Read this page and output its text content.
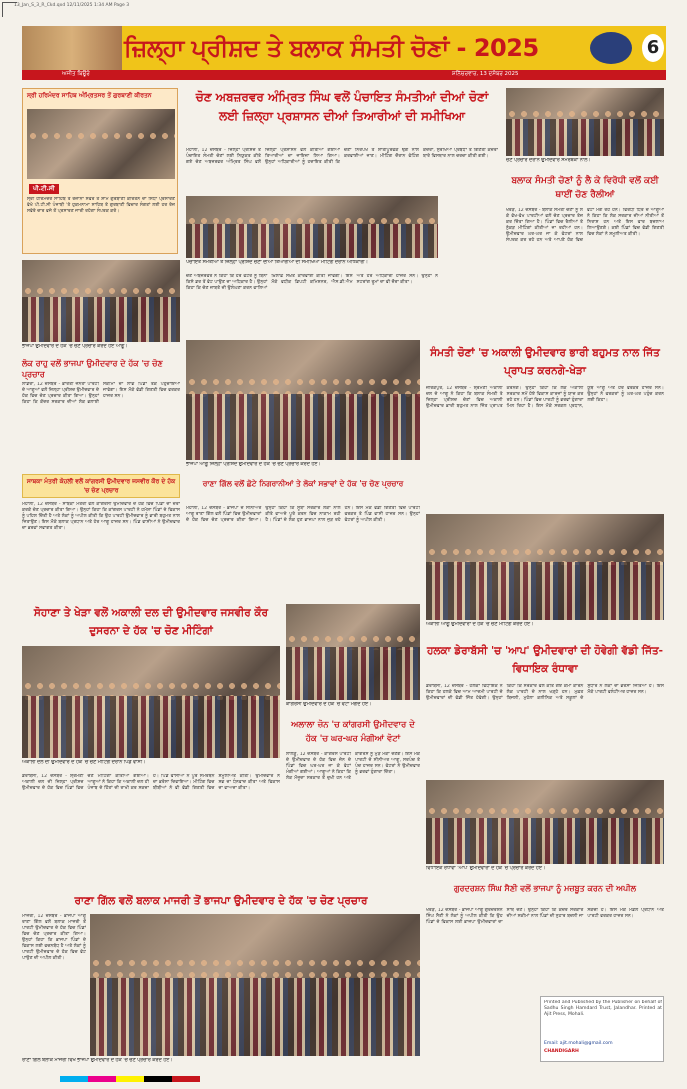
13_Jan_S_3_R_Ckd.qxd 12/11/2025 1:34 AM Page 3
ਜ਼ਿਲ੍ਹਾ ਪ੍ਰੀਸ਼ਦ ਤੇ ਬਲਾਕ ਸੰਮਤੀ ਚੋਣਾਂ - 2025	6
ਅਜੀਤ ਬਿਊਰੋ	ਸ਼ਨਿੱਚਰਵਾਰ, 13 ਦਸੰਬਰ 2025
ਸ੍ਰੀ ਹਰਿਮੰਦਰ ਸਾਹਿਬ ਅੰਮ੍ਰਿਤਸਰ ਤੋਂ ਗੁਰਬਾਣੀ ਕੀਰਤਨ
ਪੀ.ਟੀ.ਸੀ
ਸ੍ਰੀ ਹਰਿਮੰਦਰ ਸਾਹਿਬ ਤੋਂ ਰੋਜ਼ਾਨਾ ਸਵੇਰੇ ਤੇ ਸ਼ਾਮ ਗੁਰਬਾਣੀ ਕੀਰਤਨ ਦਾ ਸਿੱਧਾ ਪ੍ਰਸਾਰਣ ਵੇਖੋ ਪੀ.ਟੀ.ਸੀ ਪੰਜਾਬੀ 'ਤੇ ਹੁਕਮਨਾਮਾ ਸਾਹਿਬ ਤੇ ਗੁਰਬਾਣੀ ਵਿਚਾਰ ਸੰਗਤਾਂ ਲਈ ਹਰ ਰੋਜ਼ ਸਵੇਰੇ ਚਾਰ ਵਜੇ ਤੋਂ ਪ੍ਰਸਾਰਣ ਜਾਰੀ ਰਹੇਗਾ ਸੰਪਰਕ ਕਰੋ।
ਚੋਣ ਅਬਜ਼ਰਵਰ ਅੰਮ੍ਰਿਤ ਸਿੰਘ ਵਲੋਂ ਪੰਚਾਇਤ ਸੰਮਤੀਆਂ ਦੀਆਂ ਚੋਣਾਂ ਲਈ ਜ਼ਿਲ੍ਹਾ ਪ੍ਰਸ਼ਾਸਨ ਦੀਆਂ ਤਿਆਰੀਆਂ ਦੀ ਸਮੀਖਿਆ
ਮੋਹਾਲੀ, 12 ਦਸੰਬਰ - ਜ਼ਿਲ੍ਹਾ ਪ੍ਰੀਸ਼ਦ ਤੇ ਪੰਚਾਇਤ ਸੰਮਤੀ ਚੋਣਾਂ ਲਈ ਨਿਯੁਕਤ ਕੀਤੇ ਗਏ ਚੋਣ ਅਬਜ਼ਰਵਰ ਅੰਮ੍ਰਿਤ ਸਿੰਘ ਵਲੋਂ ਜ਼ਿਲ੍ਹਾ ਪ੍ਰਸ਼ਾਸਨ ਵਲੋਂ ਕੀਤੀਆਂ ਗਈਆਂ ਤਿਆਰੀਆਂ ਦਾ ਜਾਇਜ਼ਾ ਲਿਆ ਗਿਆ। ਉਨ੍ਹਾਂ ਅਧਿਕਾਰੀਆਂ ਨੂੰ ਹਦਾਇਤ ਕੀਤੀ ਕਿ ਚੋਣਾਂ ਨਿਰਪੱਖ ਤੇ ਸ਼ਾਂਤੀਪੂਰਵਕ ਢੰਗ ਨਾਲ ਕਰਵਾਈਆਂ ਜਾਣ। ਮੀਟਿੰਗ ਦੌਰਾਨ ਵੋਟਿੰਗ ਕੇਂਦਰਾਂ, ਸੁਰੱਖਿਆ ਪ੍ਰਬੰਧਾਂ ਤੇ ਗਿਣਤੀ ਕੇਂਦਰਾਂ ਬਾਰੇ ਵਿਸਥਾਰ ਨਾਲ ਚਰਚਾ ਕੀਤੀ ਗਈ।
ਪੰਚਾਇਤ ਸੰਮਤੀਆਂ ਤੇ ਜ਼ਿਲ੍ਹਾ ਪ੍ਰੀਸ਼ਦ ਚੋਣਾਂ ਦੀਆਂ ਤਿਆਰੀਆਂ ਦੀ ਸਮੀਖਿਆ ਮੀਟਿੰਗ ਦੌਰਾਨ ਅਧਿਕਾਰੀ।
ਚੋਣ ਅਬਜ਼ਰਵਰ ਨੇ ਕਿਹਾ ਕਿ ਹਰ ਵੋਟਰ ਨੂੰ ਬਿਨਾਂ ਕਿਸੇ ਡਰ ਤੋਂ ਵੋਟ ਪਾਉਣ ਦਾ ਅਧਿਕਾਰ ਹੈ। ਉਨ੍ਹਾਂ ਕਿਹਾ ਕਿ ਚੋਣ ਜ਼ਾਬਤੇ ਦੀ ਉਲੰਘਣਾ ਕਰਨ ਵਾਲਿਆਂ ਖ਼ਿਲਾਫ਼ ਸਖ਼ਤ ਕਾਰਵਾਈ ਕੀਤੀ ਜਾਵੇਗੀ। ਇਸ ਮੌਕੇ ਵਧੀਕ ਡਿਪਟੀ ਕਮਿਸ਼ਨਰ, ਐਸ.ਡੀ.ਐਮ ਅਤੇ ਹੋਰ ਅਧਿਕਾਰੀ ਹਾਜ਼ਰ ਸਨ। ਉਨ੍ਹਾਂ ਨੇ ਸਟਰਾਂਗ ਰੂਮਾਂ ਦਾ ਵੀ ਦੌਰਾ ਕੀਤਾ।
ਚੋਣ ਪ੍ਰਚਾਰ ਦੌਰਾਨ ਉਮੀਦਵਾਰ ਸਮਰਥਕਾਂ ਨਾਲ।
ਬਲਾਕ ਸੰਮਤੀ ਚੋਣਾਂ ਨੂੰ ਲੈ ਕੇ ਵਿਰੋਧੀ ਵਲੋਂ ਕਈ ਥਾਈਂ ਚੋਣ ਰੈਲੀਆਂ
ਖਰੜ, 12 ਦਸੰਬਰ - ਬਲਾਕ ਸੰਮਤੀ ਚੋਣਾਂ ਨੂੰ ਲੈ ਕੇ ਵੱਖ-ਵੱਖ ਪਾਰਟੀਆਂ ਵਲੋਂ ਚੋਣ ਪ੍ਰਚਾਰ ਤੇਜ਼ ਕਰ ਦਿੱਤਾ ਗਿਆ ਹੈ। ਪਿੰਡਾਂ ਵਿਚ ਰੈਲੀਆਂ ਤੇ ਨੁੱਕੜ ਮੀਟਿੰਗਾਂ ਕੀਤੀਆਂ ਜਾ ਰਹੀਆਂ ਹਨ। ਉਮੀਦਵਾਰ ਘਰ-ਘਰ ਜਾ ਕੇ ਵੋਟਰਾਂ ਨਾਲ ਸੰਪਰਕ ਕਰ ਰਹੇ ਹਨ ਅਤੇ ਆਪਣੇ ਹੱਕ ਵਿਚ ਵੋਟਾਂ ਮੰਗ ਰਹੇ ਹਨ। ਵਿਰੋਧੀ ਧਿਰ ਦੇ ਆਗੂਆਂ ਨੇ ਕਿਹਾ ਕਿ ਲੋਕ ਸਰਕਾਰ ਦੀਆਂ ਨੀਤੀਆਂ ਤੋਂ ਨਿਰਾਸ਼ ਹਨ ਅਤੇ ਇਸ ਵਾਰ ਬਦਲਾਅ ਲਿਆਉਣਗੇ। ਕਈ ਪਿੰਡਾਂ ਵਿਚ ਵੱਡੀ ਗਿਣਤੀ ਵਿਚ ਲੋਕਾਂ ਨੇ ਸ਼ਮੂਲੀਅਤ ਕੀਤੀ।
ਭਾਜਪਾ ਉਮੀਦਵਾਰ ਦੇ ਹੱਕ 'ਚ ਚੋਣ ਪ੍ਰਚਾਰ ਕਰਦੇ ਹੋਏ ਆਗੂ।
ਲੋਕ ਰਾਹੁ ਵਲੋਂ ਭਾਜਪਾ ਉਮੀਦਵਾਰ ਦੇ ਹੱਕ 'ਚ ਚੋਣ ਪ੍ਰਚਾਰ
ਲਾਂਡਰਾਂ, 12 ਦਸੰਬਰ - ਭਾਰਤੀ ਜਨਤਾ ਪਾਰਟੀ ਦੇ ਆਗੂਆਂ ਵਲੋਂ ਜ਼ਿਲ੍ਹਾ ਪ੍ਰੀਸ਼ਦ ਉਮੀਦਵਾਰ ਦੇ ਹੱਕ ਵਿਚ ਚੋਣ ਪ੍ਰਚਾਰ ਕੀਤਾ ਗਿਆ। ਉਨ੍ਹਾਂ ਕਿਹਾ ਕਿ ਕੇਂਦਰ ਸਰਕਾਰ ਦੀਆਂ ਲੋਕ ਭਲਾਈ ਸਕੀਮਾਂ ਦਾ ਲਾਭ ਪਿੰਡਾਂ ਤੱਕ ਪਹੁੰਚਾਇਆ ਜਾਵੇਗਾ। ਇਸ ਮੌਕੇ ਵੱਡੀ ਗਿਣਤੀ ਵਿਚ ਵਰਕਰ ਹਾਜ਼ਰ ਸਨ।
ਸਾਬਕਾ ਮੰਤਰੀ ਕੋਹਲੀ ਵਲੋਂ ਕਾਂਗਰਸੀ ਉਮੀਦਵਾਰ ਜਸਵੀਰ ਕੌਰ ਦੇ ਹੱਕ 'ਚ ਚੋਣ ਪ੍ਰਚਾਰ
ਮੋਹਾਲੀ, 12 ਦਸੰਬਰ - ਸਾਬਕਾ ਮੰਤਰੀ ਵਲੋਂ ਕਾਂਗਰਸੀ ਉਮੀਦਵਾਰ ਦੇ ਹੱਕ ਵਿਚ ਪਿੰਡਾਂ ਦਾ ਦੌਰਾ ਕਰਕੇ ਚੋਣ ਪ੍ਰਚਾਰ ਕੀਤਾ ਗਿਆ। ਉਨ੍ਹਾਂ ਕਿਹਾ ਕਿ ਕਾਂਗਰਸ ਪਾਰਟੀ ਨੇ ਹਮੇਸ਼ਾ ਪਿੰਡਾਂ ਦੇ ਵਿਕਾਸ ਨੂੰ ਪਹਿਲ ਦਿੱਤੀ ਹੈ ਅਤੇ ਲੋਕਾਂ ਨੂੰ ਅਪੀਲ ਕੀਤੀ ਕਿ ਉਹ ਪਾਰਟੀ ਉਮੀਦਵਾਰ ਨੂੰ ਭਾਰੀ ਬਹੁਮਤ ਨਾਲ ਜਿਤਾਉਣ। ਇਸ ਮੌਕੇ ਬਲਾਕ ਪ੍ਰਧਾਨ ਅਤੇ ਹੋਰ ਆਗੂ ਹਾਜ਼ਰ ਸਨ। ਪਿੰਡ ਵਾਸੀਆਂ ਨੇ ਉਮੀਦਵਾਰ ਦਾ ਭਰਵਾਂ ਸਵਾਗਤ ਕੀਤਾ।
ਭਾਜਪਾ ਆਗੂ ਜ਼ਿਲ੍ਹਾ ਪ੍ਰੀਸ਼ਦ ਉਮੀਦਵਾਰ ਦੇ ਹੱਕ 'ਚ ਚੋਣ ਪ੍ਰਚਾਰ ਕਰਦੇ ਹੋਏ।
ਰਾਣਾ ਗਿੱਲ ਵਲੋਂ ਛੋਟੇ ਨਿਗਰਾਨੀਆਂ ਤੇ ਲੋਕਾਂ ਸਭਾਵਾਂ ਦੇ ਹੱਕ 'ਚ ਚੋਣ ਪ੍ਰਚਾਰ
ਮੋਹਾਲੀ, 12 ਦਸੰਬਰ - ਭਾਜਪਾ ਦੇ ਸੀਨੀਅਰ ਆਗੂ ਰਾਣਾ ਗਿੱਲ ਵਲੋਂ ਪਿੰਡਾਂ ਵਿਚ ਉਮੀਦਵਾਰਾਂ ਦੇ ਹੱਕ ਵਿਚ ਚੋਣ ਪ੍ਰਚਾਰ ਕੀਤਾ ਗਿਆ। ਉਨ੍ਹਾਂ ਕਿਹਾ ਕਿ ਸੂਬਾ ਸਰਕਾਰ ਲੋਕਾਂ ਨਾਲ ਕੀਤੇ ਵਾਅਦੇ ਪੂਰੇ ਕਰਨ ਵਿਚ ਨਾਕਾਮ ਰਹੀ ਹੈ। ਪਿੰਡਾਂ ਦੇ ਲੋਕ ਹੁਣ ਭਾਜਪਾ ਨਾਲ ਜੁੜ ਰਹੇ ਹਨ। ਇਸ ਮੌਕੇ ਵੱਡੀ ਗਿਣਤੀ ਵਿਚ ਪਾਰਟੀ ਵਰਕਰ ਤੇ ਪਿੰਡ ਵਾਸੀ ਹਾਜ਼ਰ ਸਨ। ਉਨ੍ਹਾਂ ਵੋਟਰਾਂ ਨੂੰ ਅਪੀਲ ਕੀਤੀ।
ਸੰਮਤੀ ਚੋਣਾਂ 'ਚ ਅਕਾਲੀ ਉਮੀਦਵਾਰ ਭਾਰੀ ਬਹੁਮਤ ਨਾਲ ਜਿੱਤ ਪ੍ਰਾਪਤ ਕਰਨਗੇ-ਖੇੜਾ
ਜ਼ੀਰਕਪੁਰ, 12 ਦਸੰਬਰ - ਸ਼੍ਰੋਮਣੀ ਅਕਾਲੀ ਦਲ ਦੇ ਆਗੂ ਨੇ ਕਿਹਾ ਕਿ ਬਲਾਕ ਸੰਮਤੀ ਤੇ ਜ਼ਿਲ੍ਹਾ ਪ੍ਰੀਸ਼ਦ ਚੋਣਾਂ ਵਿਚ ਅਕਾਲੀ ਉਮੀਦਵਾਰ ਭਾਰੀ ਬਹੁਮਤ ਨਾਲ ਜਿੱਤ ਪ੍ਰਾਪਤ ਕਰਨਗੇ। ਉਨ੍ਹਾਂ ਕਿਹਾ ਕਿ ਲੋਕ ਅਕਾਲੀ ਸਰਕਾਰ ਸਮੇਂ ਹੋਏ ਵਿਕਾਸ ਕਾਰਜਾਂ ਨੂੰ ਯਾਦ ਕਰ ਰਹੇ ਹਨ। ਪਿੰਡਾਂ ਵਿਚ ਪਾਰਟੀ ਨੂੰ ਭਰਵਾਂ ਹੁੰਗਾਰਾ ਮਿਲ ਰਿਹਾ ਹੈ। ਇਸ ਮੌਕੇ ਸਰਕਲ ਪ੍ਰਧਾਨ, ਯੂਥ ਆਗੂ ਅਤੇ ਹੋਰ ਵਰਕਰ ਹਾਜ਼ਰ ਸਨ। ਉਨ੍ਹਾਂ ਨੇ ਵਰਕਰਾਂ ਨੂੰ ਘਰ-ਘਰ ਪਹੁੰਚ ਕਰਨ ਲਈ ਕਿਹਾ।
ਅਕਾਲੀ ਆਗੂ ਉਮੀਦਵਾਰਾਂ ਦੇ ਹੱਕ 'ਚ ਚੋਣ ਮੀਟਿੰਗ ਕਰਦੇ ਹੋਏ।
ਸੋਹਾਣਾ ਤੇ ਖੇੜਾ ਵਲੋਂ ਅਕਾਲੀ ਦਲ ਦੀ ਉਮੀਦਵਾਰ ਜਸਵੀਰ ਕੌਰ ਦੁਸਰਨਾ ਦੇ ਹੱਕ 'ਚ ਚੋਣ ਮੀਟਿੰਗਾਂ
ਅਕਾਲੀ ਦਲ ਦੀ ਉਮੀਦਵਾਰ ਦੇ ਹੱਕ 'ਚ ਚੋਣ ਮੀਟਿੰਗ ਦੌਰਾਨ ਪਿੰਡ ਵਾਸੀ।
ਡੇਰਾਬੱਸੀ, 12 ਦਸੰਬਰ - ਸ਼੍ਰੋਮਣੀ ਅਕਾਲੀ ਦਲ ਦੀ ਜ਼ਿਲ੍ਹਾ ਪ੍ਰੀਸ਼ਦ ਉਮੀਦਵਾਰ ਦੇ ਹੱਕ ਵਿਚ ਪਿੰਡਾਂ ਵਿਚ ਚੋਣ ਮੀਟਿੰਗਾਂ ਕੀਤੀਆਂ ਗਈਆਂ। ਆਗੂਆਂ ਨੇ ਕਿਹਾ ਕਿ ਅਕਾਲੀ ਦਲ ਹੀ ਪੰਜਾਬ ਦੇ ਹਿੱਤਾਂ ਦੀ ਰਾਖੀ ਕਰ ਸਕਦਾ ਹੈ। ਪਿੰਡ ਵਾਸੀਆਂ ਨੇ ਪੂਰੇ ਸਮਰਥਨ ਦਾ ਭਰੋਸਾ ਦਿਵਾਇਆ। ਮੀਟਿੰਗ ਵਿਚ ਬੀਬੀਆਂ ਨੇ ਵੀ ਵੱਡੀ ਗਿਣਤੀ ਵਿਚ ਸ਼ਮੂਲੀਅਤ ਕੀਤੀ। ਉਮੀਦਵਾਰ ਨੇ ਸਭ ਦਾ ਧੰਨਵਾਦ ਕੀਤਾ ਅਤੇ ਵਿਕਾਸ ਦਾ ਵਾਅਦਾ ਕੀਤਾ।
ਕਾਂਗਰਸੀ ਉਮੀਦਵਾਰ ਦੇ ਹੱਕ 'ਚ ਵੋਟਾਂ ਮੰਗਦੇ ਹੋਏ।
ਅਲਾਲਾ ਜ਼ੋਨ 'ਚ ਕਾਂਗਰਸੀ ਉਮੀਦਵਾਰ ਦੇ ਹੱਕ 'ਚ ਘਰ-ਘਰ ਮੰਗੀਆਂ ਵੋਟਾਂ
ਲਾਲੜੂ, 12 ਦਸੰਬਰ - ਕਾਂਗਰਸ ਪਾਰਟੀ ਦੇ ਉਮੀਦਵਾਰ ਦੇ ਹੱਕ ਵਿਚ ਜ਼ੋਨ ਦੇ ਪਿੰਡਾਂ ਵਿਚ ਘਰ-ਘਰ ਜਾ ਕੇ ਵੋਟਾਂ ਮੰਗੀਆਂ ਗਈਆਂ। ਆਗੂਆਂ ਨੇ ਕਿਹਾ ਕਿ ਲੋਕ ਮੌਜੂਦਾ ਸਰਕਾਰ ਤੋਂ ਦੁਖੀ ਹਨ ਅਤੇ ਕਾਂਗਰਸ ਨੂੰ ਮੁੜ ਮੌਕਾ ਦੇਣਗੇ। ਇਸ ਮੌਕੇ ਪਾਰਟੀ ਦੇ ਸੀਨੀਅਰ ਆਗੂ, ਸਰਪੰਚ ਤੇ ਪੰਚ ਹਾਜ਼ਰ ਸਨ। ਵੋਟਰਾਂ ਨੇ ਉਮੀਦਵਾਰ ਨੂੰ ਭਰਵਾਂ ਹੁੰਗਾਰਾ ਦਿੱਤਾ।
ਹਲਕਾ ਡੇਰਾਬੱਸੀ 'ਚ 'ਆਪ' ਉਮੀਦਵਾਰਾਂ ਦੀ ਹੋਵੇਗੀ ਵੱਡੀ ਜਿੱਤ-ਵਿਧਾਇਕ ਰੰਧਾਵਾ
ਡੇਰਾਬੱਸੀ, 12 ਦਸੰਬਰ - ਹਲਕਾ ਵਿਧਾਇਕ ਨੇ ਕਿਹਾ ਕਿ ਹਲਕੇ ਵਿਚ ਆਮ ਆਦਮੀ ਪਾਰਟੀ ਦੇ ਉਮੀਦਵਾਰਾਂ ਦੀ ਵੱਡੀ ਜਿੱਤ ਹੋਵੇਗੀ। ਉਨ੍ਹਾਂ ਕਿਹਾ ਕਿ ਸਰਕਾਰ ਵਲੋਂ ਕੀਤੇ ਗਏ ਕੰਮਾਂ ਕਾਰਨ ਲੋਕ ਪਾਰਟੀ ਦੇ ਨਾਲ ਖੜ੍ਹੇ ਹਨ। ਮੁਫ਼ਤ ਬਿਜਲੀ, ਮੁਹੱਲਾ ਕਲੀਨਿਕ ਅਤੇ ਸਕੂਲਾਂ ਦੇ ਸੁਧਾਰ ਨੇ ਲੋਕਾਂ ਦਾ ਭਰੋਸਾ ਜਿੱਤਿਆ ਹੈ। ਇਸ ਮੌਕੇ ਪਾਰਟੀ ਵਲੰਟੀਅਰ ਹਾਜ਼ਰ ਸਨ।
ਵਿਧਾਇਕ ਰੰਧਾਵਾ 'ਆਪ' ਉਮੀਦਵਾਰਾਂ ਦੇ ਹੱਕ 'ਚ ਪ੍ਰਚਾਰ ਕਰਦੇ ਹੋਏ।
ਰਾਣਾ ਗਿੱਲ ਵਲੋਂ ਬਲਾਕ ਮਾਜਰੀ ਤੋਂ ਭਾਜਪਾ ਉਮੀਦਵਾਰ ਦੇ ਹੱਕ 'ਚ ਚੋਣ ਪ੍ਰਚਾਰ
ਮਾਜਰੀ, 12 ਦਸੰਬਰ - ਭਾਜਪਾ ਆਗੂ ਰਾਣਾ ਗਿੱਲ ਵਲੋਂ ਬਲਾਕ ਮਾਜਰੀ ਤੋਂ ਪਾਰਟੀ ਉਮੀਦਵਾਰ ਦੇ ਹੱਕ ਵਿਚ ਪਿੰਡਾਂ ਵਿਚ ਚੋਣ ਪ੍ਰਚਾਰ ਕੀਤਾ ਗਿਆ। ਉਨ੍ਹਾਂ ਕਿਹਾ ਕਿ ਭਾਜਪਾ ਪਿੰਡਾਂ ਦੇ ਵਿਕਾਸ ਲਈ ਵਚਨਬੱਧ ਹੈ ਅਤੇ ਲੋਕਾਂ ਨੂੰ ਪਾਰਟੀ ਉਮੀਦਵਾਰ ਦੇ ਹੱਕ ਵਿਚ ਵੋਟ ਪਾਉਣ ਦੀ ਅਪੀਲ ਕੀਤੀ।
ਰਾਣਾ ਗਿੱਲ ਬਲਾਕ ਮਾਜਰੀ ਵਿਖੇ ਭਾਜਪਾ ਉਮੀਦਵਾਰ ਦੇ ਹੱਕ 'ਚ ਚੋਣ ਪ੍ਰਚਾਰ ਕਰਦੇ ਹੋਏ।
ਗੁਰਦਰਸ਼ਨ ਸਿੰਘ ਸੈਣੀ ਵਲੋਂ ਭਾਜਪਾ ਨੂੰ ਮਜ਼ਬੂਤ ਕਰਨ ਦੀ ਅਪੀਲ
ਖਰੜ, 12 ਦਸੰਬਰ - ਭਾਜਪਾ ਆਗੂ ਗੁਰਦਰਸ਼ਨ ਸਿੰਘ ਸੈਣੀ ਨੇ ਲੋਕਾਂ ਨੂੰ ਅਪੀਲ ਕੀਤੀ ਕਿ ਉਹ ਪਿੰਡਾਂ ਦੇ ਵਿਕਾਸ ਲਈ ਭਾਜਪਾ ਉਮੀਦਵਾਰਾਂ ਦਾ ਸਾਥ ਦੇਣ। ਉਨ੍ਹਾਂ ਕਿਹਾ ਕਿ ਕੇਂਦਰ ਸਰਕਾਰ ਦੀਆਂ ਸਕੀਮਾਂ ਨਾਲ ਪਿੰਡਾਂ ਦੀ ਨੁਹਾਰ ਬਦਲੀ ਜਾ ਸਕਦੀ ਹੈ। ਇਸ ਮੌਕੇ ਮੰਡਲ ਪ੍ਰਧਾਨ ਅਤੇ ਪਾਰਟੀ ਵਰਕਰ ਹਾਜ਼ਰ ਸਨ।
Printed and Published by the Publisher on behalf of Sadhu Singh Hamdard Trust, Jalandhar. Printed at Ajit Press, Mohali.
Email: ajit.mohali@gmail.com
CHANDIGARH
